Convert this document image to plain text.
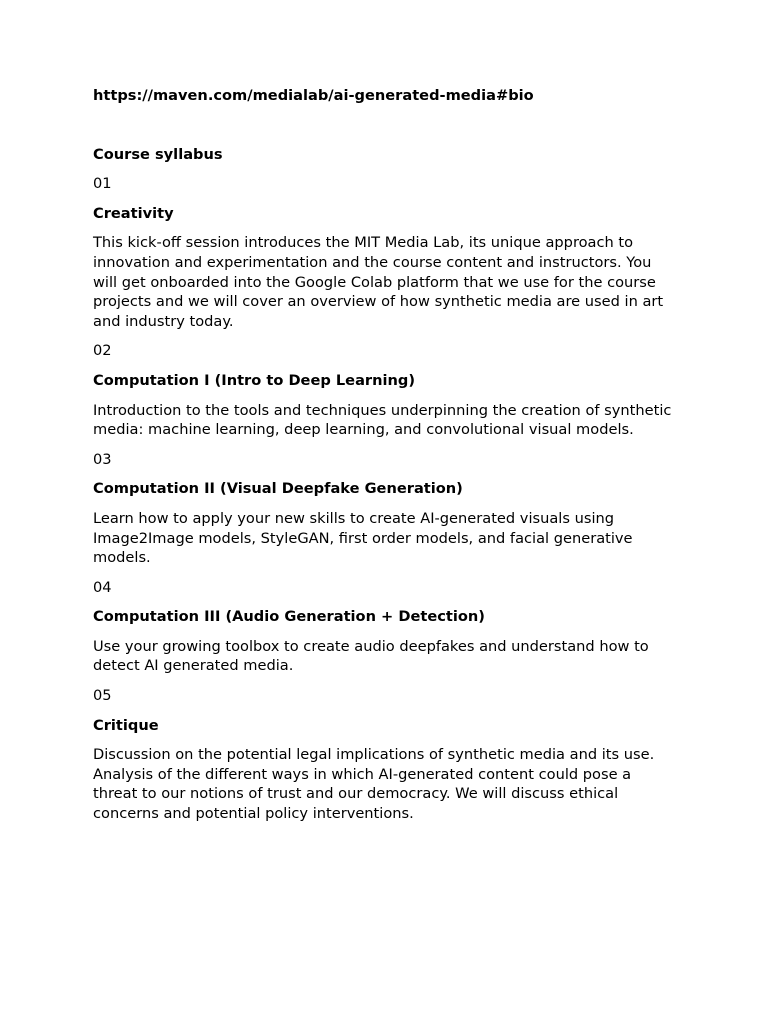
https://maven.com/medialab/ai-generated-media#bio
Course syllabus
01
Creativity
This kick-off session introduces the MIT Media Lab, its unique approach to innovation and experimentation and the course content and instructors. You will get onboarded into the Google Colab platform that we use for the course projects and we will cover an overview of how synthetic media are used in art and industry today.
02
Computation I (Intro to Deep Learning)
Introduction to the tools and techniques underpinning the creation of synthetic media: machine learning, deep learning, and convolutional visual models.
03
Computation II (Visual Deepfake Generation)
Learn how to apply your new skills to create AI-generated visuals using Image2Image models, StyleGAN, first order models, and facial generative models.
04
Computation III (Audio Generation + Detection)
Use your growing toolbox to create audio deepfakes and understand how to detect AI generated media.
05
Critique
Discussion on the potential legal implications of synthetic media and its use. Analysis of the different ways in which AI-generated content could pose a threat to our notions of trust and our democracy. We will discuss ethical concerns and potential policy interventions.
